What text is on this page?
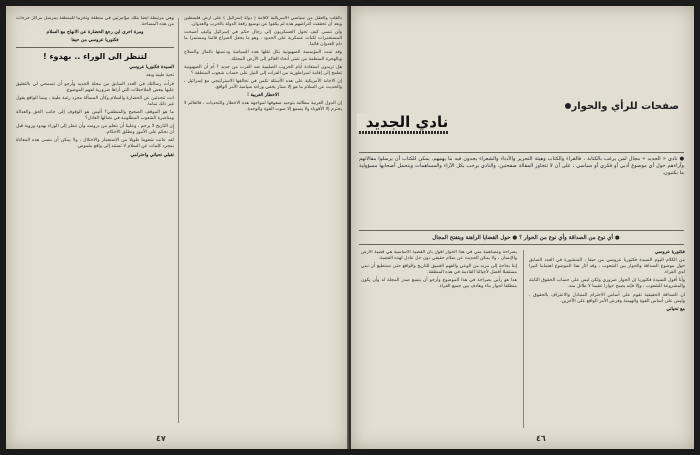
بالقلب والعقل من سياسي الامبريالية لاقامة ( دولة إسرائيل ) على أرض فلسطين وبعد أن تحققت أغراضهم هذه لم يكفوا عن توسيع رقعة الدولة بالحرب والعدوان.

ولن ننسى كيف تحول العسكريون إلى رجال حكم في إسرائيل وكيف أصبحت المستعمرات ثكنات عسكرية على الحدود ، وهو ما يجعل الصراع قائما ومستمرا ما دام العدوان قائما.

وقد تبنت المؤسسة الصهيونية بكل ثقلها هذه السياسة ودعمتها بالمال والسلاح وبالهجرة المنظمة من شتى أنحاء العالم إلى الأرض المحتلة.

هل تريدون استعادة أيام الحروب الصليبية ضد العرب من جديد ؟ أم أن الصهيونية تطمح إلى إقامة امبراطورية من الفرات إلى النيل على حساب شعوب المنطقة ؟

إن الاجابة الأمريكية على هذه الأسئلة تكمن في تحالفها الاستراتيجي مع إسرائيل ، والحديث عن السلام ما هو إلا ستار يخفي وراءه سياسة الأمر الواقع.

الاخطار العربية !

إن الدول العربية مطالبة بتوحيد صفوفها لمواجهة هذه الاخطار والتحديات ، فالعالم لا يحترم إلا الأقوياء ولا يسمع إلا صوت القوة والوحدة.

وهي مرتبطة ايضا بتلك مؤامرتين في منطقة وتخريبا للمنطقة بمرسل مراكز حرجات من هذه المساحة.

ومرة اخرى اين رجع الحضارة عن الانهاج مع السلام

فكتوريا عروسي من حيفا

لتنظر الى الوراء .. بهدوء !

السيدة فكتوريا عروسي

تحية طيبة وبعد

قرأت رسالتك في العدد السابق من مجلة الجديد وأرجو أن تسمحي لي بالتعليق عليها ببعض الملاحظات التي أراها ضرورية لفهم الموضوع.

انت تتحدثين عن الحضارة والسلام وكأن المسألة مجرد رغبة طيبة ، بينما الواقع يقول غير ذلك تماما.

ما هو الموقف الصحيح والمنطقي؟ أليس هو الوقوف إلى جانب الحق والعدالة ومناصرة الشعوب المظلومة في نضالها العادل؟

إن التاريخ لا يرحم ، وعلينا أن نتعلم من دروسه وأن ننظر إلى الوراء بهدوء وروية قبل أن نحكم على الأمور ونطلق الأحكام.

لقد عانت شعوبنا طويلا من الاستعمار والاحتلال ، ولا يمكن أن ننسى هذه المعاناة بمجرد كلمات عن السلام لا تستند إلى واقع ملموس.

تقبلي تحياتي واحترامي

٤٧
نادي الجديد
صفحات للرأي والحوار
● نادي « الجديد » مجال لمن يرغب بالكتابة ، فالقراء والكتاب وهيئة التحرير والأدباء والشعراء يجدون فيه ما يهمهم. يمكن للكتاب أن يرسلوا مقالاتهم وآراءهم حول أي موضوع أدبي أو فكري أو سياسي ، على أن لا تتجاوز المقالة صفحتين. والنادي يرحب بكل الآراء والمساهمات ويتحمل أصحابها مسؤولية ما يكتبون.
● أي نوع من الصداقة وأي نوع من الحوار ؟ ● حول القضايا الراهنة ويتفتح المجال

فكتوريا عروسي

من الكلام اليوم السيدة فكتوريا عروسي من حيفا ، المنشورة في العدد السابق حول موضوع الصداقة والحوار بين الشعوب ، وقد أثار هذا الموضوع اهتماما كبيرا لدى القراء.

وأنا أقول للسيدة فكتوريا إن الحوار ضروري ولكن ليس على حساب الحقوق الثابتة والمشروعة للشعوب ، وإلا فإنه يصبح حوارا عقيما لا طائل منه.

ان الصداقة الحقيقية تقوم على أساس الاحترام المتبادل والاعتراف بالحقوق ، وليس على أساس القوة والهيمنة وفرض الأمر الواقع على الآخرين.

مع تحياتي

بصراحة ومساهمة مني في هذا الحوار أقول بأن القضية الأساسية هي قضية الأرض والإنسان ، ولا يمكن الحديث عن سلام حقيقي دون حل عادل لهذه القضية.

إننا بحاجة إلى مزيد من الوعي والفهم العميق للتاريخ والواقع حتى نستطيع أن نبني مستقبلا أفضل لأجيالنا القادمة في هذه المنطقة.

هذا هو رأيي بصراحة في هذا الموضوع وأرجو أن يتسع صدر المجلة له وأن يكون منطلقا لحوار بناء وهادف بين جميع القراء.

٤٦
